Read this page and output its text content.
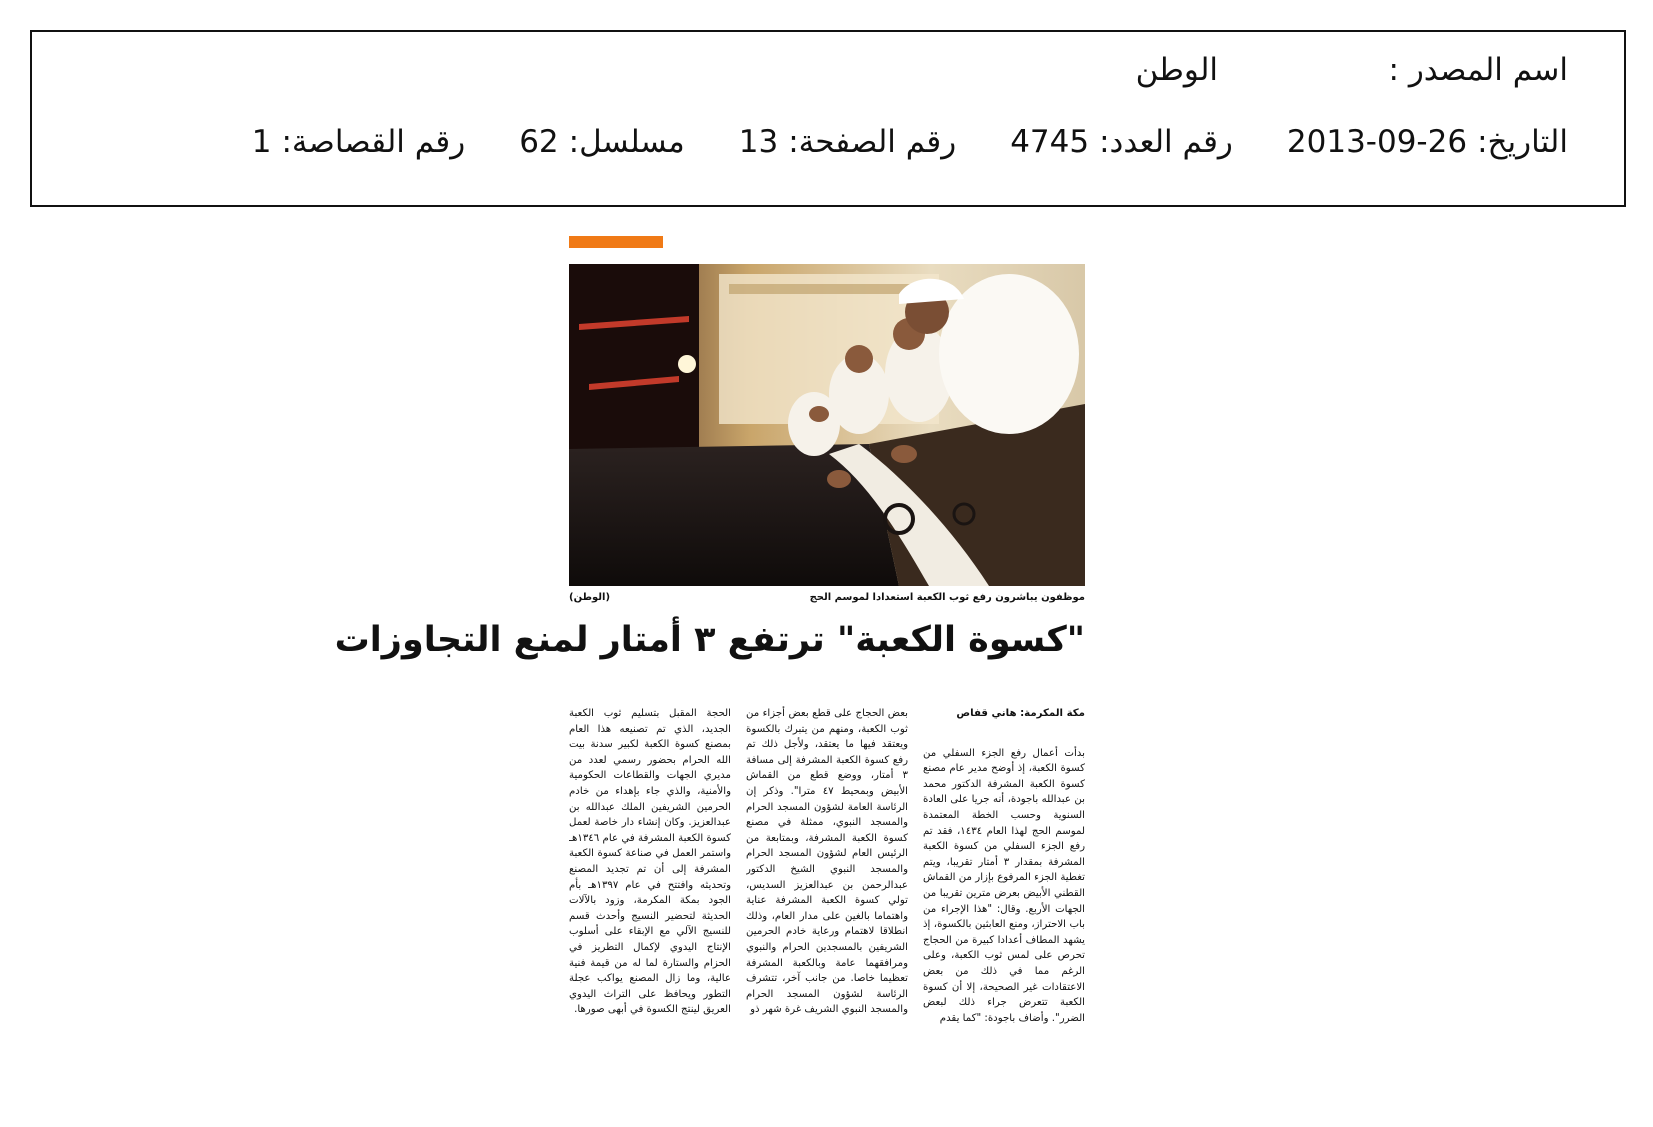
اسم المصدر :
الوطن
التاريخ:
2013-09-26
رقم العدد:
4745
رقم الصفحة:
13
مسلسل:
62
رقم القصاصة:
1
موظفون يباشرون رفع ثوب الكعبة استعدادا لموسم الحج
(الوطن)
"كسوة الكعبة" ترتفع ٣ أمتار لمنع التجاوزات
مكة المكرمة: هاني قفاص

بدأت أعمال رفع الجزء السفلي من كسوة الكعبة، إذ أوضح مدير عام مصنع كسوة الكعبة المشرفة الدكتور محمد بن عبدالله باجودة، أنه جريا على العادة السنوية وحسب الخطة المعتمدة لموسم الحج لهذا العام ١٤٣٤، فقد تم رفع الجزء السفلي من كسوة الكعبة المشرفة بمقدار ٣ أمتار تقريبا، ويتم تغطية الجزء المرفوع بإزار من القماش القطني الأبيض بعرض مترين تقريبا من الجهات الأربع. وقال: "هذا الإجراء من باب الاحتراز، ومنع العابثين بالكسوة، إذ يشهد المطاف أعدادا كبيرة من الحجاج تحرص على لمس ثوب الكعبة، وعلى الرغم مما في ذلك من بعض الاعتقادات غير الصحيحة، إلا أن كسوة الكعبة تتعرض جراء ذلك لبعض الضرر". وأضاف باجودة: "كما يقدم

بعض الحجاج على قطع بعض أجزاء من ثوب الكعبة، ومنهم من يتبرك بالكسوة ويعتقد فيها ما يعتقد، ولأجل ذلك تم رفع كسوة الكعبة المشرفة إلى مسافة ٣ أمتار، ووضع قطع من القماش الأبيض وبمحيط ٤٧ مترا". وذكر إن الرئاسة العامة لشؤون المسجد الحرام والمسجد النبوي، ممثلة في مصنع كسوة الكعبة المشرفة، وبمتابعة من الرئيس العام لشؤون المسجد الحرام والمسجد النبوي الشيخ الدكتور عبدالرحمن بن عبدالعزيز السديس، تولي كسوة الكعبة المشرفة عناية واهتماما بالغين على مدار العام، وذلك انطلاقا لاهتمام ورعاية خادم الحرمين الشريفين بالمسجدين الحرام والنبوي ومرافقهما عامة وبالكعبة المشرفة تعظيما خاصا. من جانب آخر، تتشرف الرئاسة لشؤون المسجد الحرام والمسجد النبوي الشريف غرة شهر ذو

الحجة المقبل بتسليم ثوب الكعبة الجديد، الذي تم تصنيعه هذا العام بمصنع كسوة الكعبة لكبير سدنة بيت الله الحرام بحضور رسمي لعدد من مديري الجهات والقطاعات الحكومية والأمنية، والذي جاء بإهداء من خادم الحرمين الشريفين الملك عبدالله بن عبدالعزيز. وكان إنشاء دار خاصة لعمل كسوة الكعبة المشرفة في عام ١٣٤٦هـ واستمر العمل في صناعة كسوة الكعبة المشرفة إلى أن تم تجديد المصنع وتحديثه وافتتح في عام ١٣٩٧هـ بأم الجود بمكة المكرمة، وزود بالآلات الحديثة لتحضير النسيج وأحدث قسم للنسيج الآلي مع الإبقاء على أسلوب الإنتاج اليدوي لإكمال التطريز في الحزام والستارة لما له من قيمة فنية عالية، وما زال المصنع يواكب عجلة التطور ويحافظ على التراث اليدوي العريق لينتج الكسوة في أبهى صورها.
